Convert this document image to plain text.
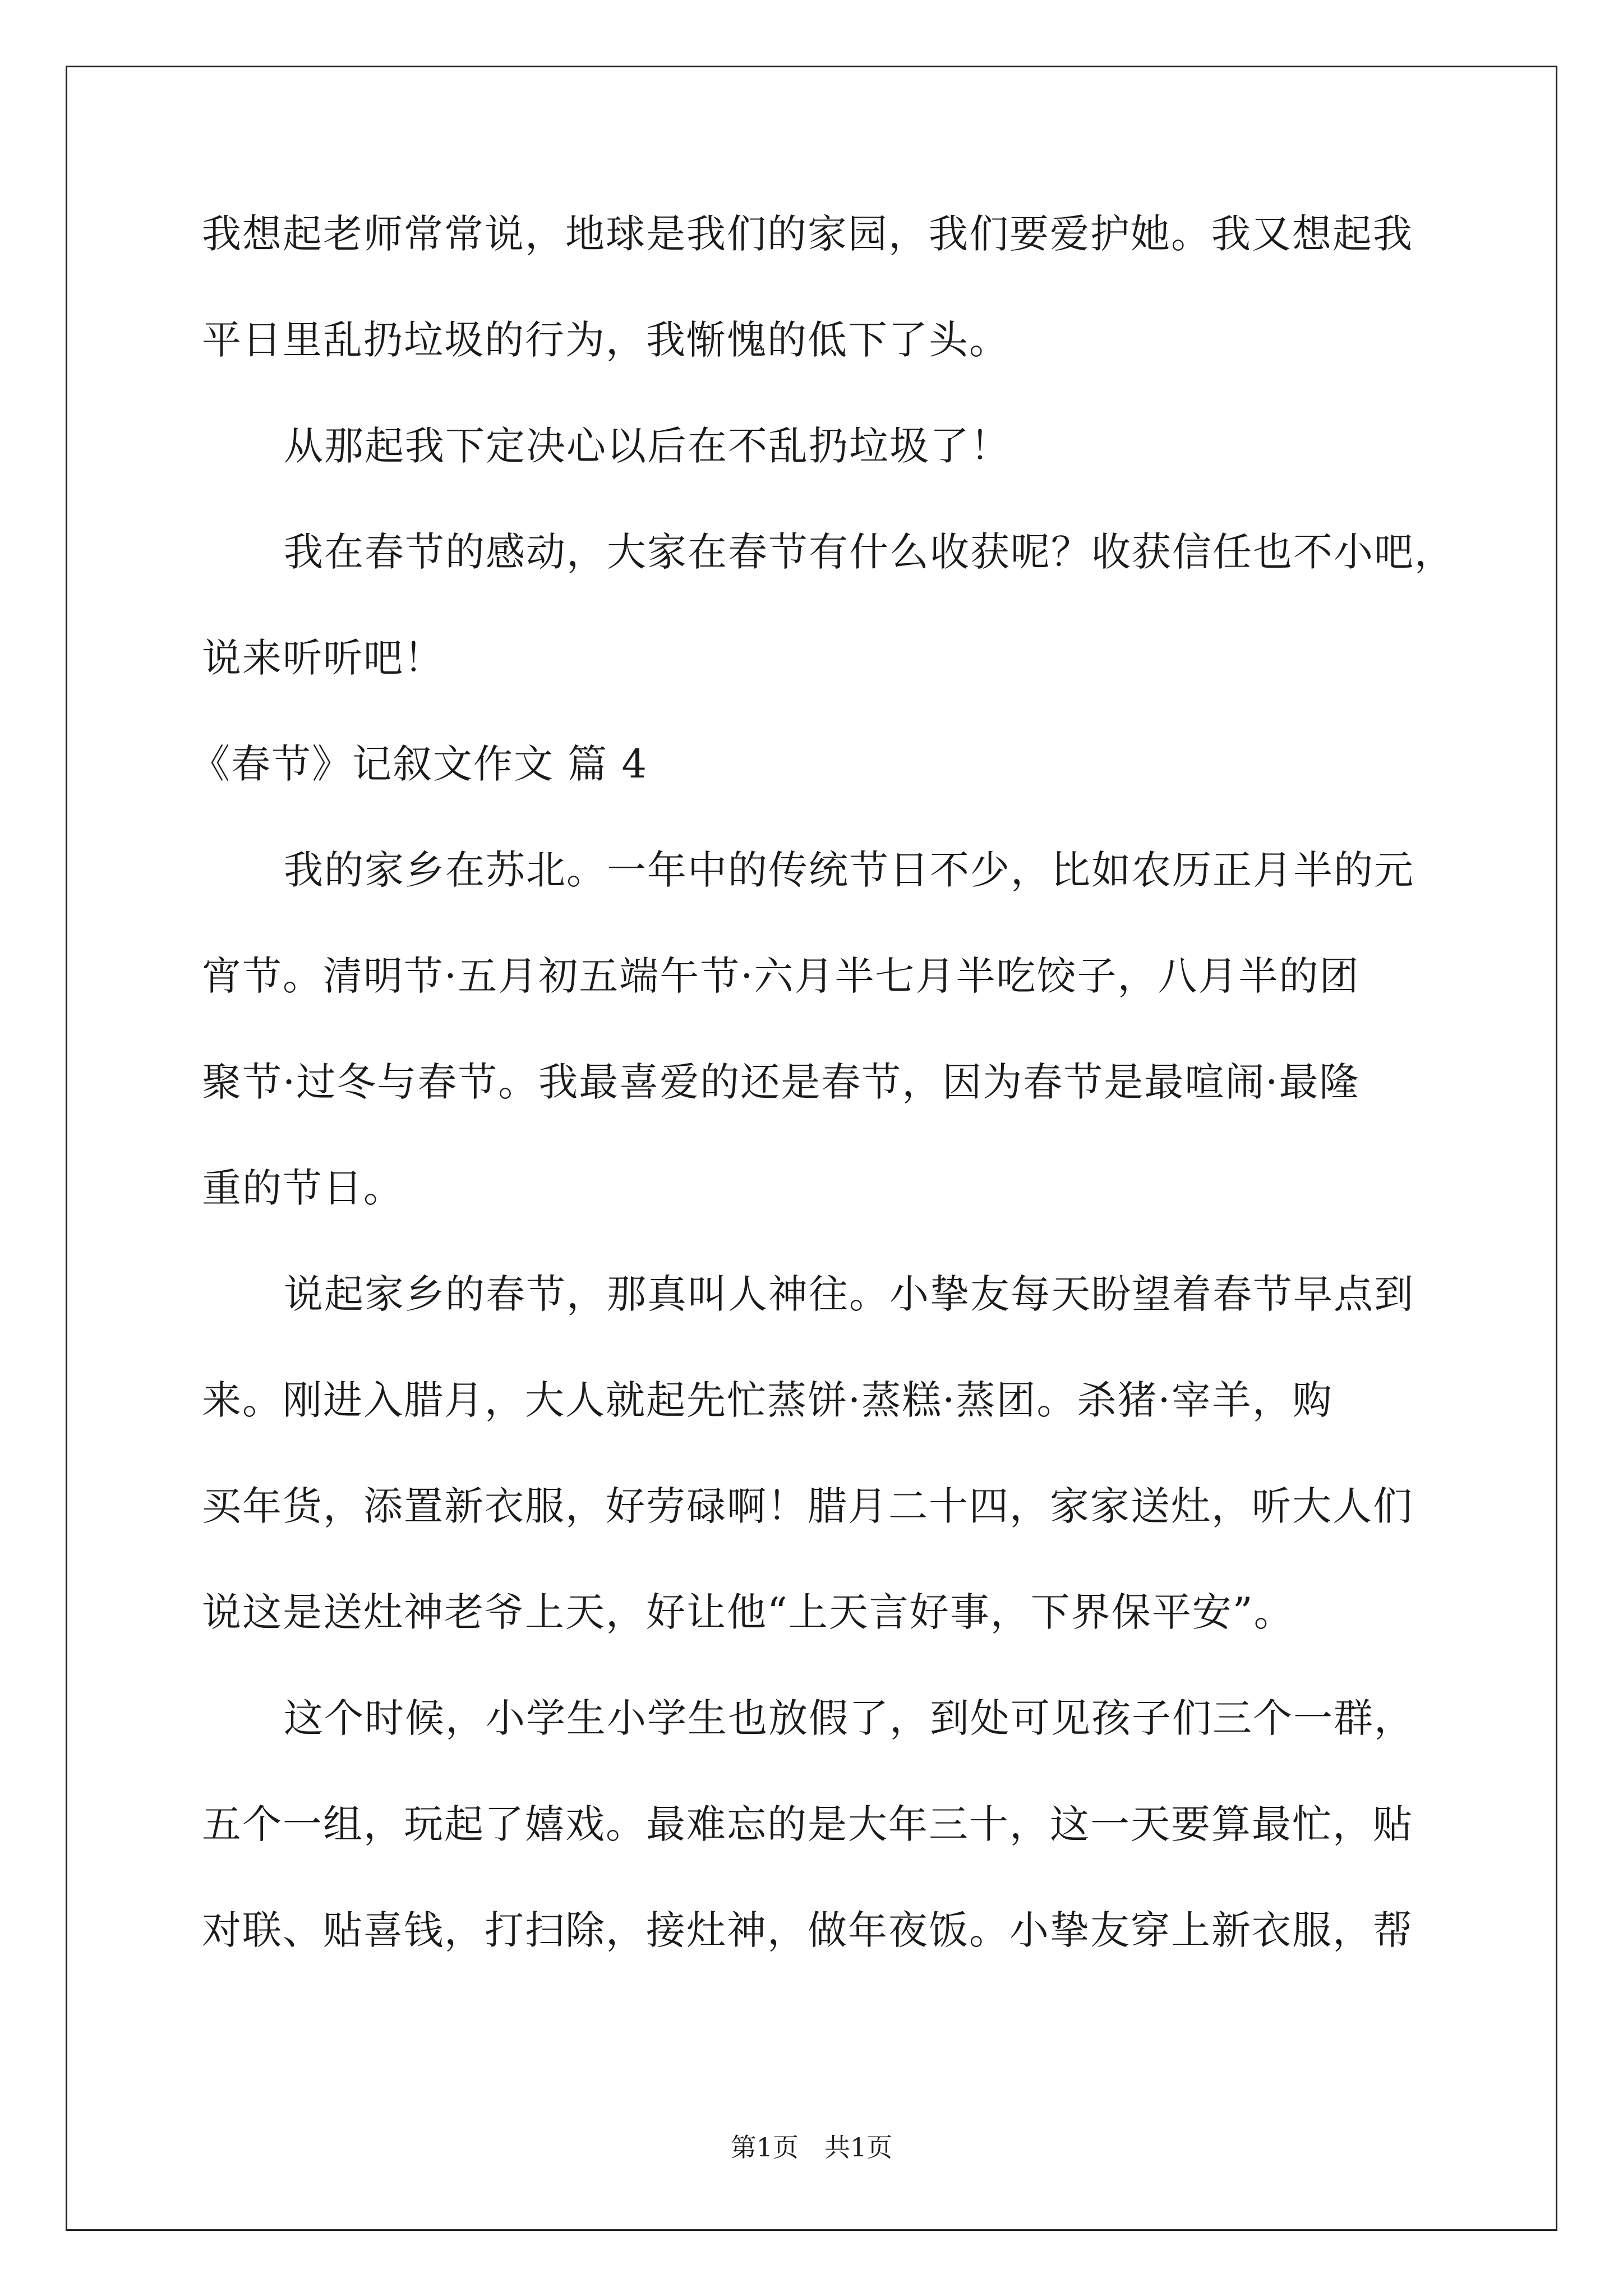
我想起老师常常说，地球是我们的家园，我们要爱护她。我又想起我
平日里乱扔垃圾的行为，我惭愧的低下了头。
从那起我下定决心以后在不乱扔垃圾了！
我在春节的感动，大家在春节有什么收获呢？收获信任也不小吧，
说来听听吧！
《春节》记叙文作文 篇 4
我的家乡在苏北。一年中的传统节日不少，比如农历正月半的元
宵节。清明节·五月初五端午节·六月半七月半吃饺子，八月半的团
聚节·过冬与春节。我最喜爱的还是春节，因为春节是最喧闹·最隆
重的节日。
说起家乡的春节，那真叫人神往。小挚友每天盼望着春节早点到
来。刚进入腊月，大人就起先忙蒸饼·蒸糕·蒸团。杀猪·宰羊，购
买年货，添置新衣服，好劳碌啊！腊月二十四，家家送灶，听大人们
说这是送灶神老爷上天，好让他“上天言好事，下界保平安”。
这个时候，小学生小学生也放假了，到处可见孩子们三个一群，
五个一组，玩起了嬉戏。最难忘的是大年三十，这一天要算最忙，贴
对联、贴喜钱，打扫除，接灶神，做年夜饭。小挚友穿上新衣服，帮
第1页　共1页
